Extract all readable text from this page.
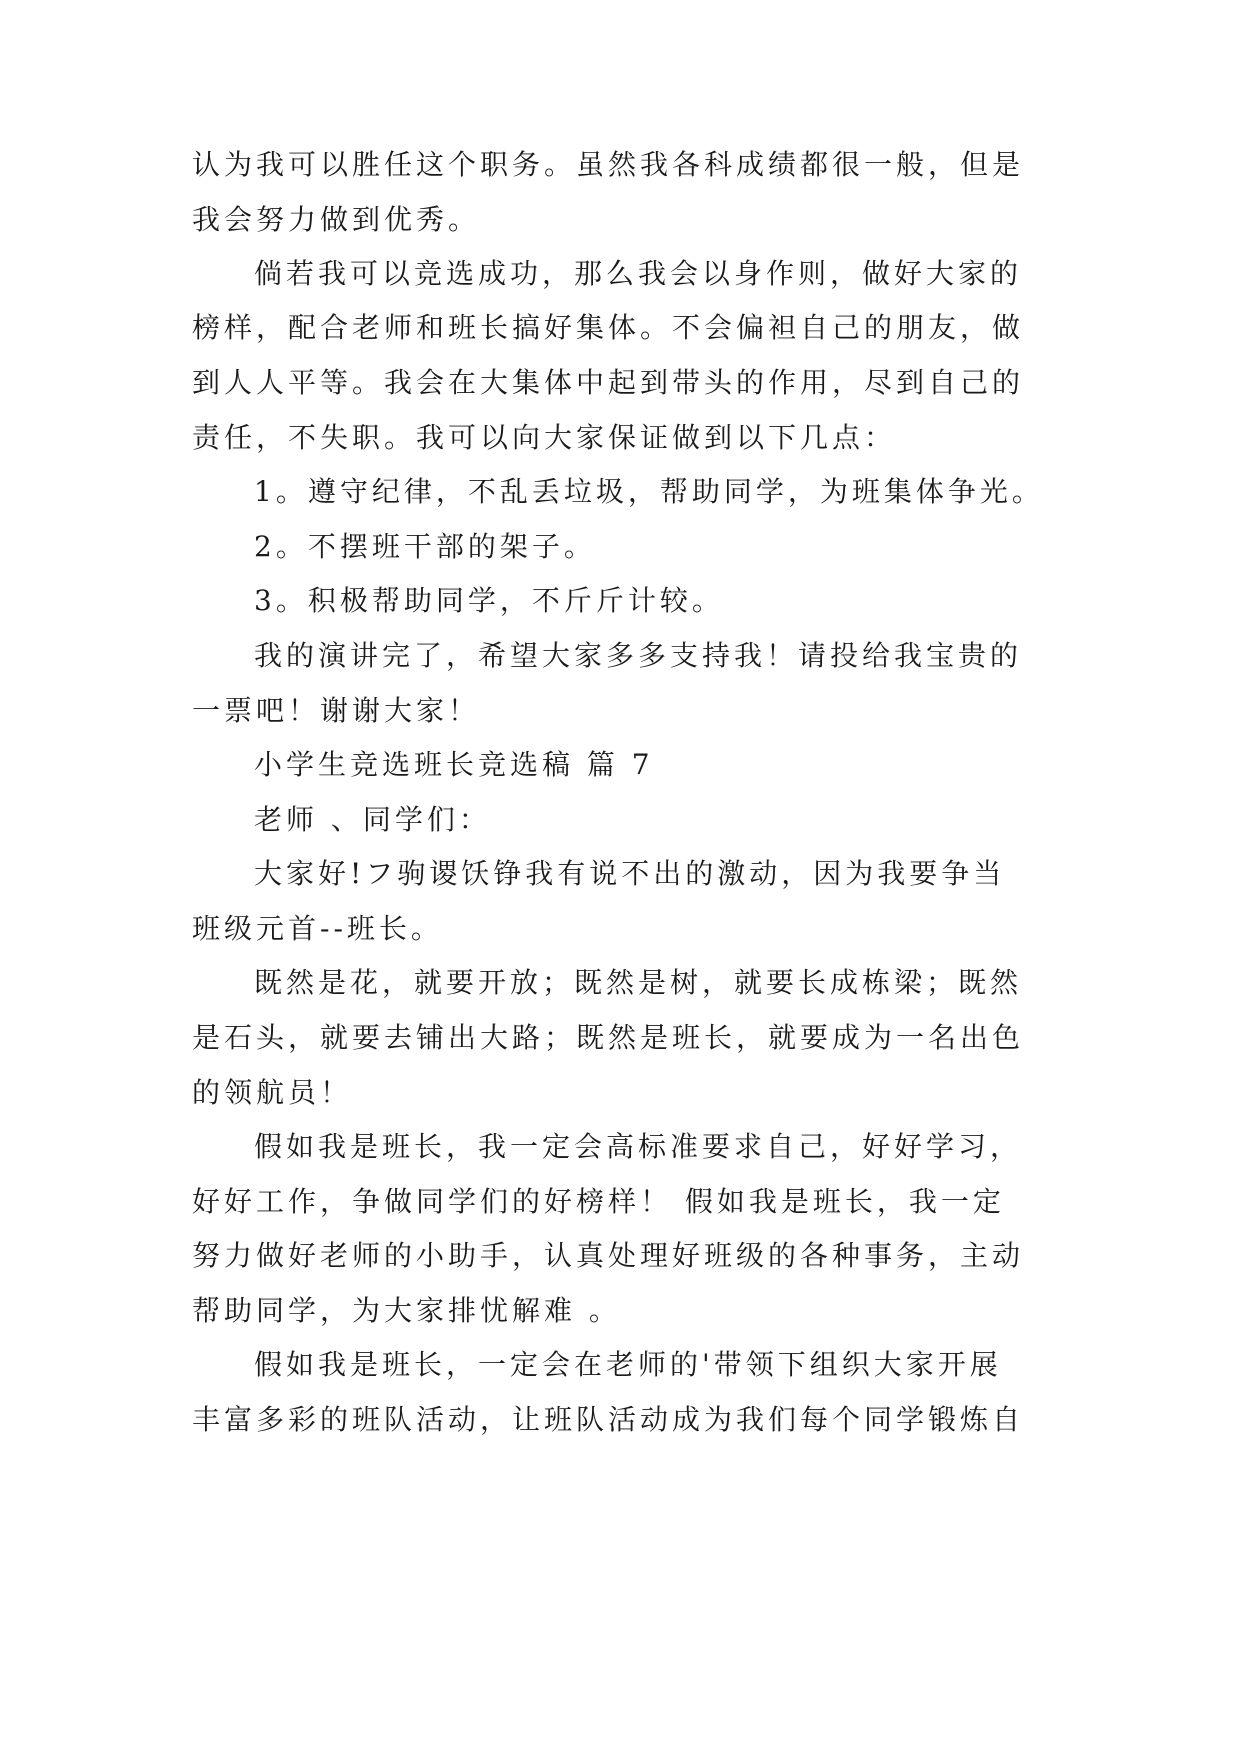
认为我可以胜任这个职务。虽然我各科成绩都很一般，但是
我会努力做到优秀。
倘若我可以竞选成功，那么我会以身作则，做好大家的
榜样，配合老师和班长搞好集体。不会偏袒自己的朋友，做
到人人平等。我会在大集体中起到带头的作用，尽到自己的
责任，不失职。我可以向大家保证做到以下几点：
1。遵守纪律，不乱丢垃圾，帮助同学，为班集体争光。
2。不摆班干部的架子。
3。积极帮助同学，不斤斤计较。
我的演讲完了，希望大家多多支持我！请投给我宝贵的
一票吧！谢谢大家！
小学生竞选班长竞选稿 篇 7
老师 、同学们：
大家好!フ驹谡饫铮我有说不出的激动，因为我要争当
班级元首--班长。
既然是花，就要开放；既然是树，就要长成栋梁；既然
是石头，就要去铺出大路；既然是班长，就要成为一名出色
的领航员！
假如我是班长，我一定会高标准要求自己，好好学习，
好好工作，争做同学们的好榜样！ 假如我是班长，我一定
努力做好老师的小助手，认真处理好班级的各种事务，主动
帮助同学，为大家排忧解难 。
假如我是班长，一定会在老师的'带领下组织大家开展
丰富多彩的班队活动，让班队活动成为我们每个同学锻炼自
